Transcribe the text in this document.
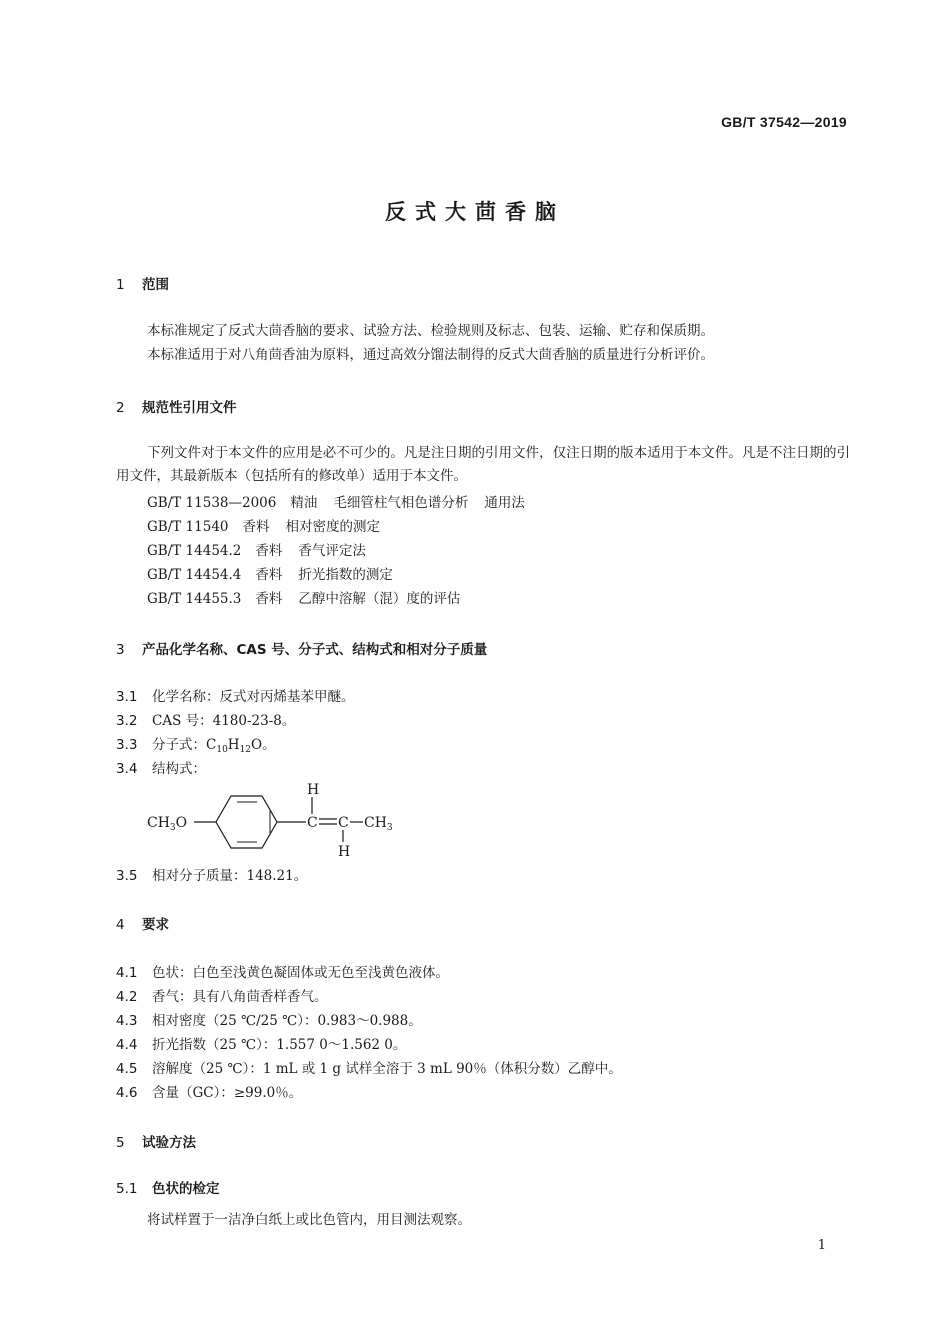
GB/T 37542—2019
反式大茴香脑
1 范围
本标准规定了反式大茴香脑的要求、试验方法、检验规则及标志、包装、运输、贮存和保质期。
本标准适用于对八角茴香油为原料，通过高效分馏法制得的反式大茴香脑的质量进行分析评价。
2 规范性引用文件
下列文件对于本文件的应用是必不可少的。凡是注日期的引用文件，仅注日期的版本适用于本文件。凡是不注日期的引用文件，其最新版本（包括所有的修改单）适用于本文件。
GB/T 11538—2006 精油 毛细管柱气相色谱分析 通用法
GB/T 11540 香料 相对密度的测定
GB/T 14454.2 香料 香气评定法
GB/T 14454.4 香料 折光指数的测定
GB/T 14455.3 香料 乙醇中溶解（混）度的评估
3 产品化学名称、CAS 号、分子式、结构式和相对分子质量
3.1 化学名称：反式对丙烯基苯甲醚。
3.2 CAS 号：4180-23-8。
3.3 分子式：$C_{10}H_{12}O$。
3.4 结构式：
$CH_3O$	C
H
C
H
$CH_3$
3.5 相对分子质量：148.21。
4 要求
4.1 色状：白色至浅黄色凝固体或无色至浅黄色液体。
4.2 香气：具有八角茴香样香气。
4.3 相对密度（25 ℃/25 ℃）：0.983～0.988。
4.4 折光指数（25 ℃）：1.557 0～1.562 0。
4.5 溶解度（25 ℃）：1 mL 或 1 g 试样全溶于 3 mL 90％（体积分数）乙醇中。
4.6 含量（GC）：≥99.0％。
5 试验方法
5.1 色状的检定
将试样置于一洁净白纸上或比色管内，用目测法观察。
1
